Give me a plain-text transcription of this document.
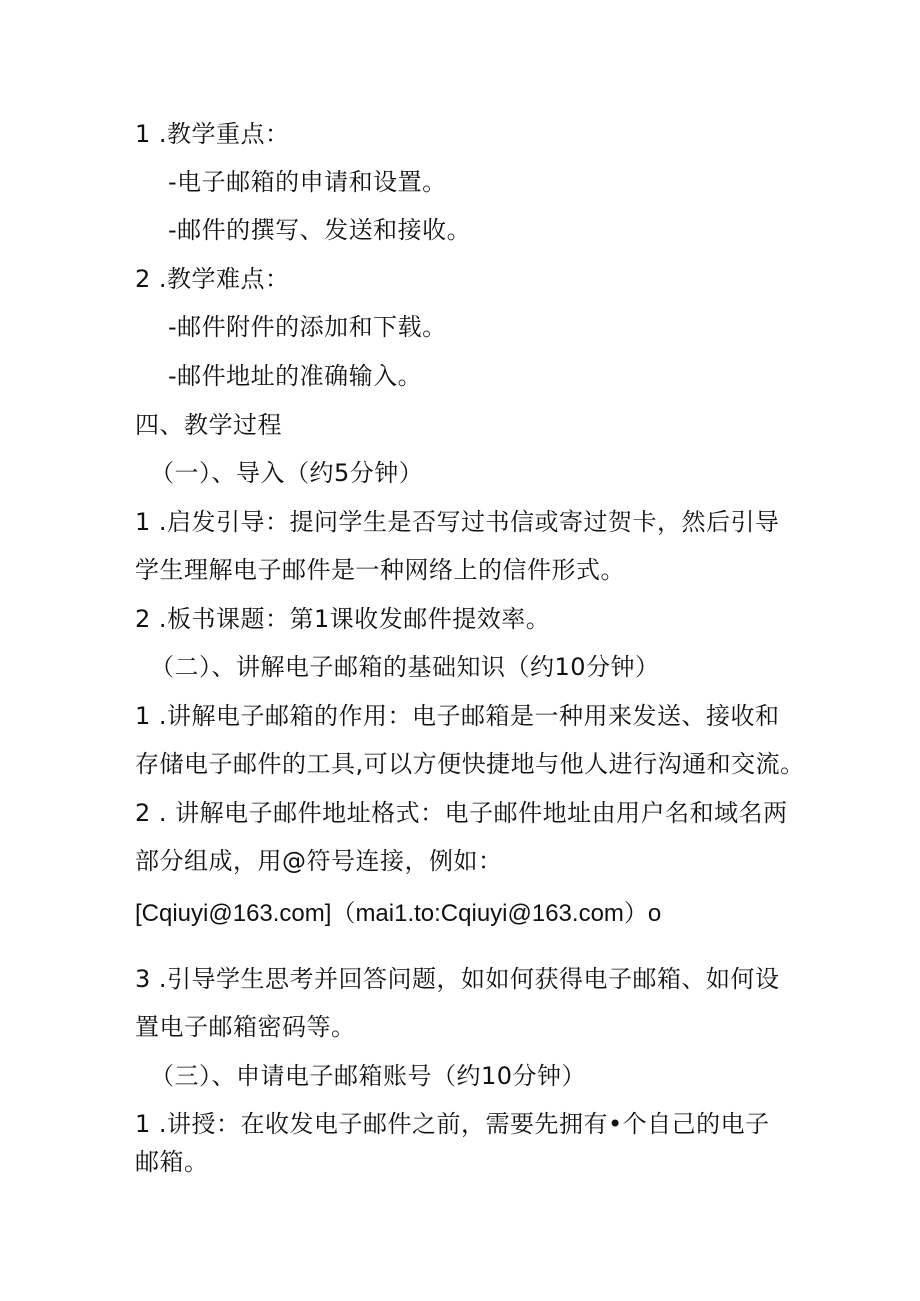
1 .教学重点：
-电子邮箱的申请和设置。
-邮件的撰写、发送和接收。
2 .教学难点：
-邮件附件的添加和下载。
-邮件地址的准确输入。
四、教学过程
（一）、导入（约5分钟）
1 .启发引导：提问学生是否写过书信或寄过贺卡，然后引导
学生理解电子邮件是一种网络上的信件形式。
2 .板书课题：第1课收发邮件提效率。
（二）、讲解电子邮箱的基础知识（约10分钟）
1 .讲解电子邮箱的作用：电子邮箱是一种用来发送、接收和
存储电子邮件的工具,可以方便快捷地与他人进行沟通和交流。
2 . 讲解电子邮件地址格式：电子邮件地址由用户名和域名两
部分组成，用@符号连接，例如：
[Cqiuyi@163.com]（mai1.to:Cqiuyi@163.com）o
3 .引导学生思考并回答问题，如如何获得电子邮箱、如何设
置电子邮箱密码等。
（三）、申请电子邮箱账号（约10分钟）
1 .讲授：在收发电子邮件之前，需要先拥有•个自己的电子
邮箱。
